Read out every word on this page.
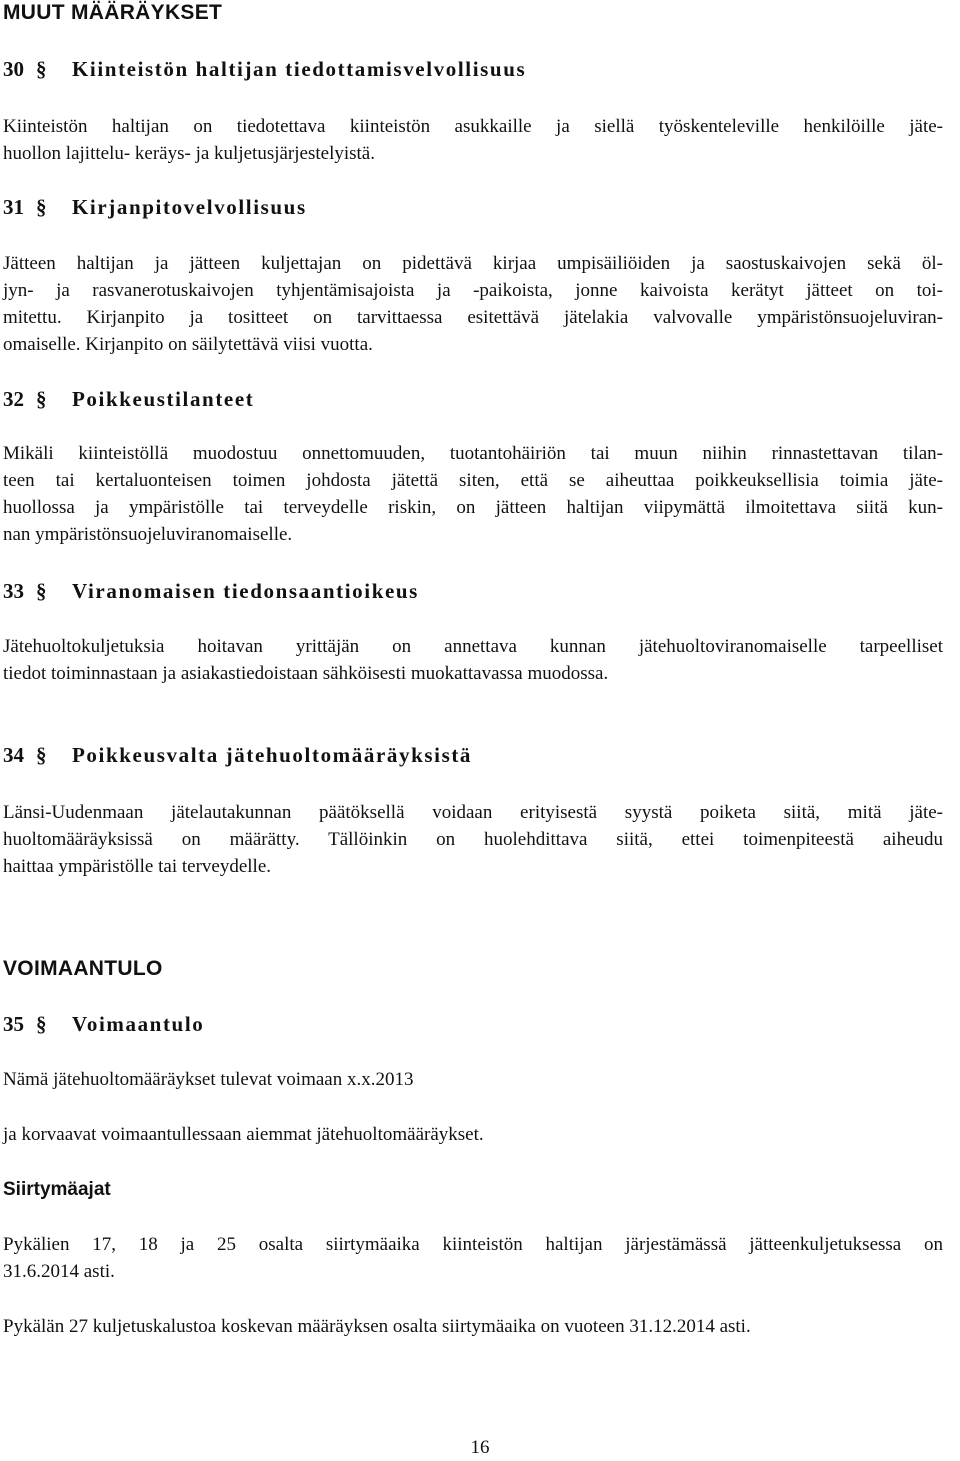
MUUT MÄÄRÄYKSET
30 § Kiinteistön haltijan tiedottamisvelvollisuus
Kiinteistön haltijan on tiedotettava kiinteistön asukkaille ja siellä työskenteleville henkilöille jäte-
huollon lajittelu- keräys- ja kuljetusjärjestelyistä.
31 § Kirjanpitovelvollisuus
Jätteen haltijan ja jätteen kuljettajan on pidettävä kirjaa umpisäiliöiden ja saostuskaivojen sekä öl-
jyn- ja rasvanerotuskaivojen tyhjentämisajoista ja -paikoista, jonne kaivoista kerätyt jätteet on toi-
mitettu. Kirjanpito ja tositteet on tarvittaessa esitettävä jätelakia valvovalle ympäristönsuojeluviran-
omaiselle. Kirjanpito on säilytettävä viisi vuotta.
32 § Poikkeustilanteet
Mikäli kiinteistöllä muodostuu onnettomuuden, tuotantohäiriön tai muun niihin rinnastettavan tilan-
teen tai kertaluonteisen toimen johdosta jätettä siten, että se aiheuttaa poikkeuksellisia toimia jäte-
huollossa ja ympäristölle tai terveydelle riskin, on jätteen haltijan viipymättä ilmoitettava siitä kun-
nan ympäristönsuojeluviranomaiselle.
33 § Viranomaisen tiedonsaantioikeus
Jätehuoltokuljetuksia hoitavan yrittäjän on annettava kunnan jätehuoltoviranomaiselle tarpeelliset
tiedot toiminnastaan ja asiakastiedoistaan sähköisesti muokattavassa muodossa.
34 § Poikkeusvalta jätehuoltomääräyksistä
Länsi-Uudenmaan jätelautakunnan päätöksellä voidaan erityisestä syystä poiketa siitä, mitä jäte-
huoltomääräyksissä on määrätty. Tällöinkin on huolehdittava siitä, ettei toimenpiteestä aiheudu
haittaa ympäristölle tai terveydelle.
VOIMAANTULO
35 § Voimaantulo
Nämä jätehuoltomääräykset tulevat voimaan x.x.2013
ja korvaavat voimaantullessaan aiemmat jätehuoltomääräykset.
Siirtymäajat
Pykälien 17, 18 ja 25 osalta siirtymäaika kiinteistön haltijan järjestämässä jätteenkuljetuksessa on
31.6.2014 asti.
Pykälän 27 kuljetuskalustoa koskevan määräyksen osalta siirtymäaika on vuoteen 31.12.2014 asti.
16
